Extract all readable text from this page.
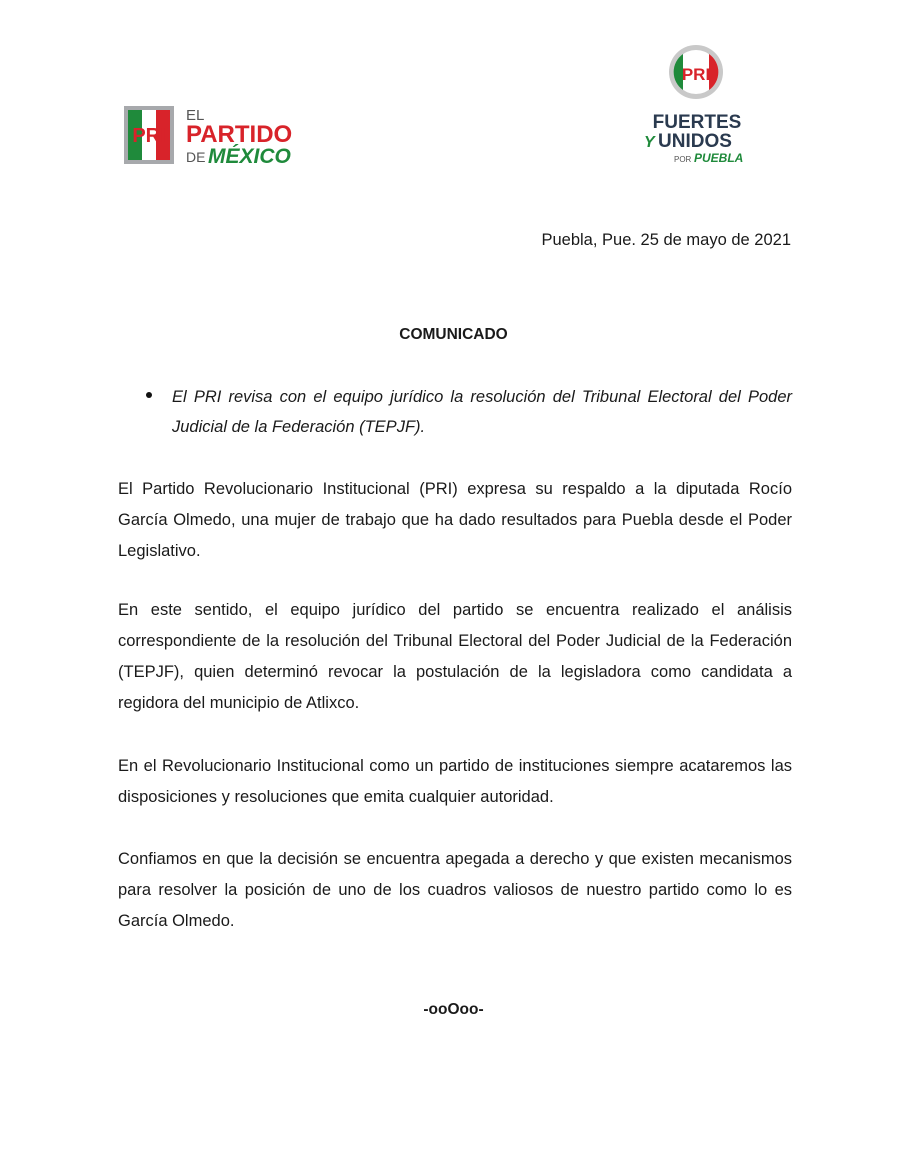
PRI
EL
PARTIDO
DE MÉXICO
PRI
FUERTES
Y UNIDOS
POR PUEBLA
Puebla, Pue. 25 de mayo de 2021
COMUNICADO
El PRI revisa con el equipo jurídico la resolución del Tribunal Electoral del Poder Judicial de la Federación (TEPJF).
El Partido Revolucionario Institucional (PRI) expresa su respaldo a la diputada Rocío García Olmedo, una mujer de trabajo que ha dado resultados para Puebla desde el Poder Legislativo.
En este sentido, el equipo jurídico del partido se encuentra realizado el análisis correspondiente de la resolución del Tribunal Electoral del Poder Judicial de la Federación (TEPJF), quien determinó revocar la postulación de la legisladora como candidata a regidora del municipio de Atlixco.
En el Revolucionario Institucional como un partido de instituciones siempre acataremos las disposiciones y resoluciones que emita cualquier autoridad.
Confiamos en que la decisión se encuentra apegada a derecho y que existen mecanismos para resolver la posición de uno de los cuadros valiosos de nuestro partido como lo es García Olmedo.
-ooOoo-
